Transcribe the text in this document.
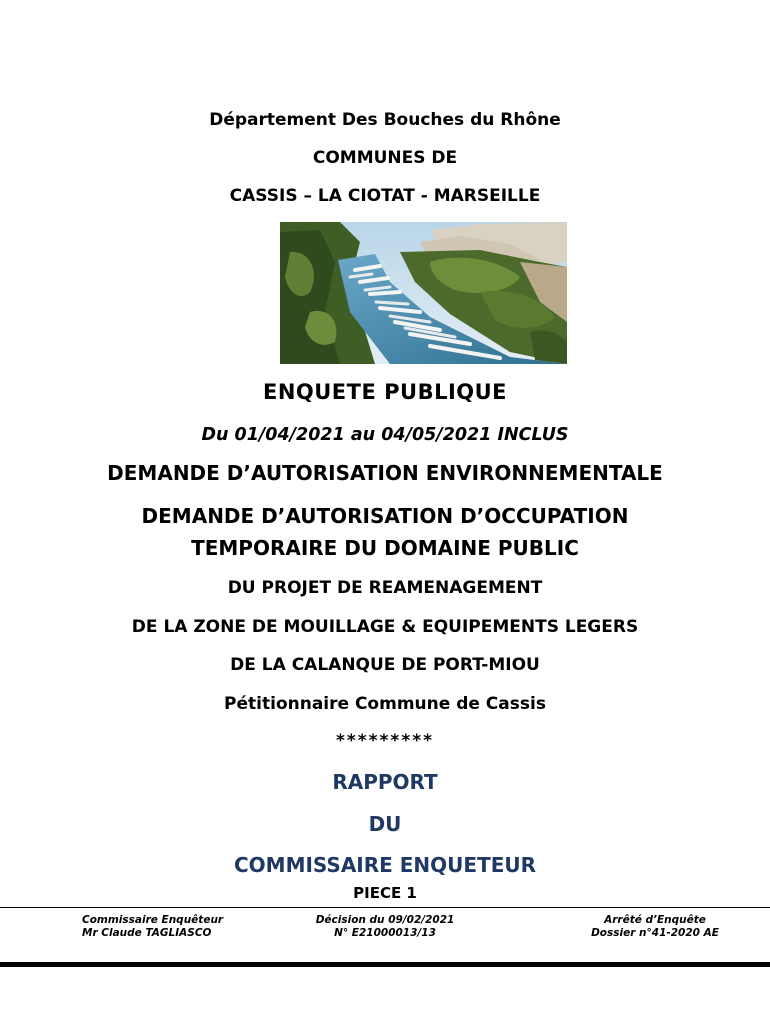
Département Des Bouches du Rhône
COMMUNES DE
CASSIS – LA CIOTAT - MARSEILLE
ENQUETE PUBLIQUE
Du 01/04/2021 au 04/05/2021 INCLUS
DEMANDE D’AUTORISATION ENVIRONNEMENTALE
DEMANDE D’AUTORISATION D’OCCUPATION
TEMPORAIRE DU DOMAINE PUBLIC
DU PROJET DE REAMENAGEMENT
DE LA ZONE DE MOUILLAGE & EQUIPEMENTS LEGERS
DE LA CALANQUE DE PORT-MIOU
Pétitionnaire Commune de Cassis
*********
RAPPORT
DU
COMMISSAIRE ENQUETEUR
PIECE 1
Commissaire Enquêteur
Mr Claude TAGLIASCO
Décision du 09/02/2021
N° E21000013/13
Arrêté d’Enquête
Dossier n°41-2020 AE
